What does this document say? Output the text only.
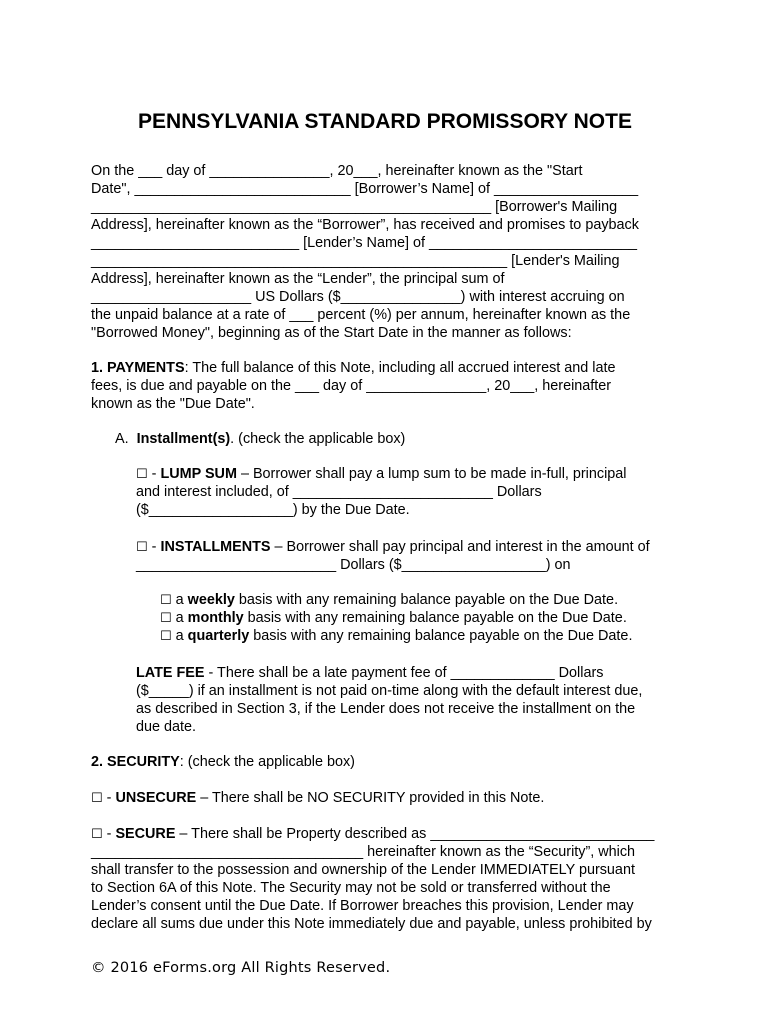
PENNSYLVANIA STANDARD PROMISSORY NOTE
On the ___ day of _______________, 20___, hereinafter known as the "Start
Date", ___________________________ [Borrower’s Name] of __________________
__________________________________________________ [Borrower's Mailing
Address], hereinafter known as the “Borrower”, has received and promises to payback
__________________________ [Lender’s Name] of __________________________
____________________________________________________ [Lender's Mailing
Address], hereinafter known as the “Lender”, the principal sum of
____________________ US Dollars ($_______________) with interest accruing on
the unpaid balance at a rate of ___ percent (%) per annum, hereinafter known as the
"Borrowed Money", beginning as of the Start Date in the manner as follows:
1. PAYMENTS: The full balance of this Note, including all accrued interest and late
fees, is due and payable on the ___ day of _______________, 20___, hereinafter
known as the "Due Date".
A. Installment(s). (check the applicable box)
☐ - LUMP SUM – Borrower shall pay a lump sum to be made in-full, principal
and interest included, of _________________________ Dollars
($__________________) by the Due Date.
☐ - INSTALLMENTS – Borrower shall pay principal and interest in the amount of
_________________________ Dollars ($__________________) on
☐ a weekly basis with any remaining balance payable on the Due Date.
☐ a monthly basis with any remaining balance payable on the Due Date.
☐ a quarterly basis with any remaining balance payable on the Due Date.
LATE FEE - There shall be a late payment fee of _____________ Dollars
($_____) if an installment is not paid on-time along with the default interest due,
as described in Section 3, if the Lender does not receive the installment on the
due date.
2. SECURITY: (check the applicable box)
☐ - UNSECURE – There shall be NO SECURITY provided in this Note.
☐ - SECURE – There shall be Property described as ____________________________
__________________________________ hereinafter known as the “Security”, which
shall transfer to the possession and ownership of the Lender IMMEDIATELY pursuant
to Section 6A of this Note. The Security may not be sold or transferred without the
Lender’s consent until the Due Date. If Borrower breaches this provision, Lender may
declare all sums due under this Note immediately due and payable, unless prohibited by
© 2016 eForms.org All Rights Reserved.
